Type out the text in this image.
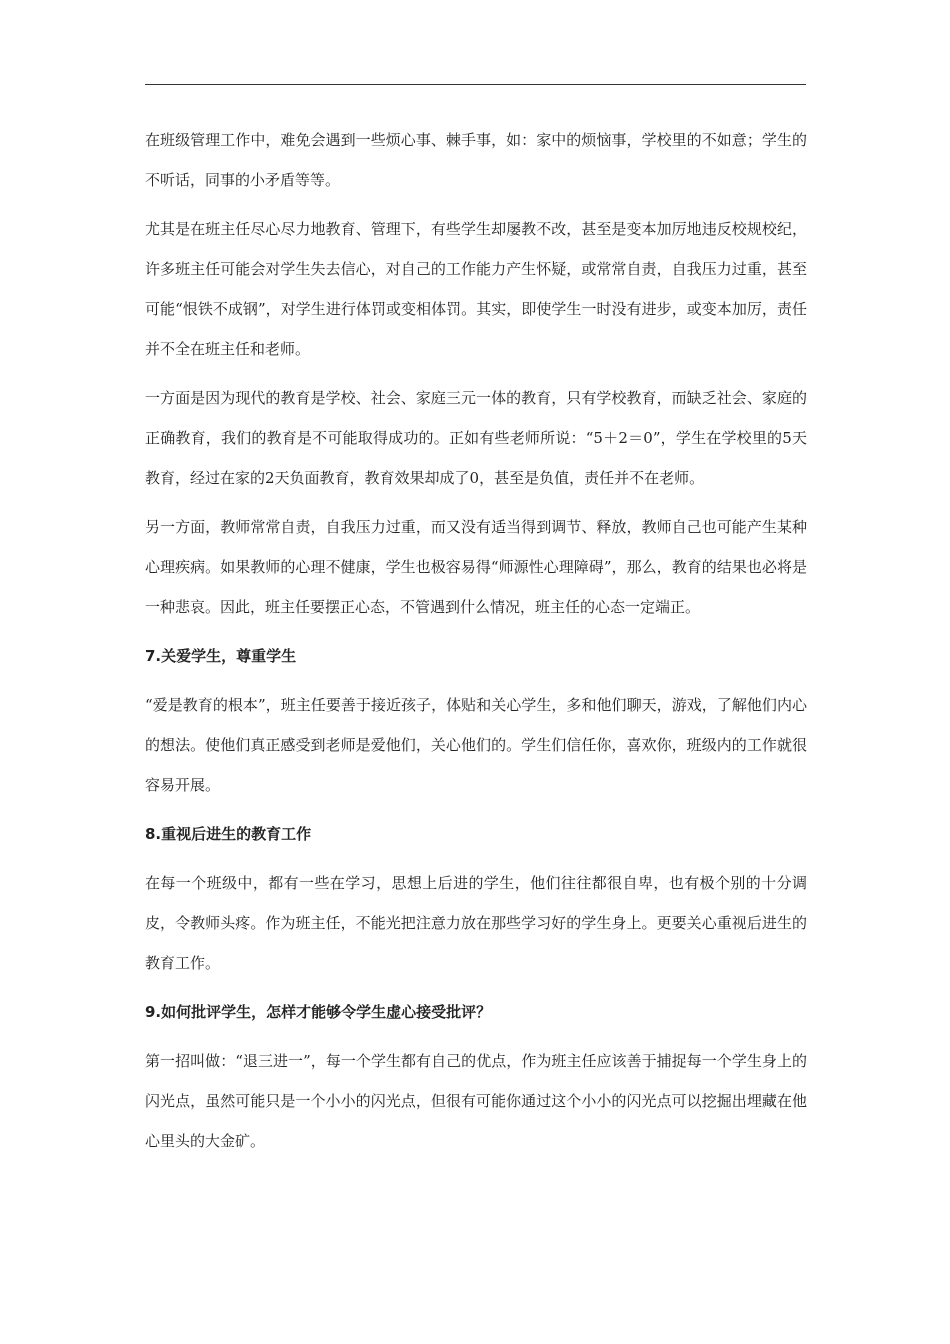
在班级管理工作中，难免会遇到一些烦心事、棘手事，如：家中的烦恼事，学校里的不如意；学生的不听话，同事的小矛盾等等。

尤其是在班主任尽心尽力地教育、管理下，有些学生却屡教不改，甚至是变本加厉地违反校规校纪，许多班主任可能会对学生失去信心，对自己的工作能力产生怀疑，或常常自责，自我压力过重，甚至可能“恨铁不成钢”，对学生进行体罚或变相体罚。其实，即使学生一时没有进步，或变本加厉，责任并不全在班主任和老师。

一方面是因为现代的教育是学校、社会、家庭三元一体的教育，只有学校教育，而缺乏社会、家庭的正确教育，我们的教育是不可能取得成功的。正如有些老师所说：“5＋2＝0”，学生在学校里的5天教育，经过在家的2天负面教育，教育效果却成了0，甚至是负值，责任并不在老师。

另一方面，教师常常自责，自我压力过重，而又没有适当得到调节、释放，教师自己也可能产生某种心理疾病。如果教师的心理不健康，学生也极容易得“师源性心理障碍”，那么，教育的结果也必将是一种悲哀。因此，班主任要摆正心态，不管遇到什么情况，班主任的心态一定端正。

7.关爱学生，尊重学生

“爱是教育的根本”，班主任要善于接近孩子，体贴和关心学生，多和他们聊天，游戏，了解他们内心的想法。使他们真正感受到老师是爱他们，关心他们的。学生们信任你，喜欢你，班级内的工作就很容易开展。

8.重视后进生的教育工作

在每一个班级中，都有一些在学习，思想上后进的学生，他们往往都很自卑，也有极个别的十分调皮，令教师头疼。作为班主任，不能光把注意力放在那些学习好的学生身上。更要关心重视后进生的教育工作。

9.如何批评学生，怎样才能够令学生虚心接受批评？

第一招叫做：“退三进一”，每一个学生都有自己的优点，作为班主任应该善于捕捉每一个学生身上的闪光点，虽然可能只是一个小小的闪光点，但很有可能你通过这个小小的闪光点可以挖掘出埋藏在他心里头的大金矿。
